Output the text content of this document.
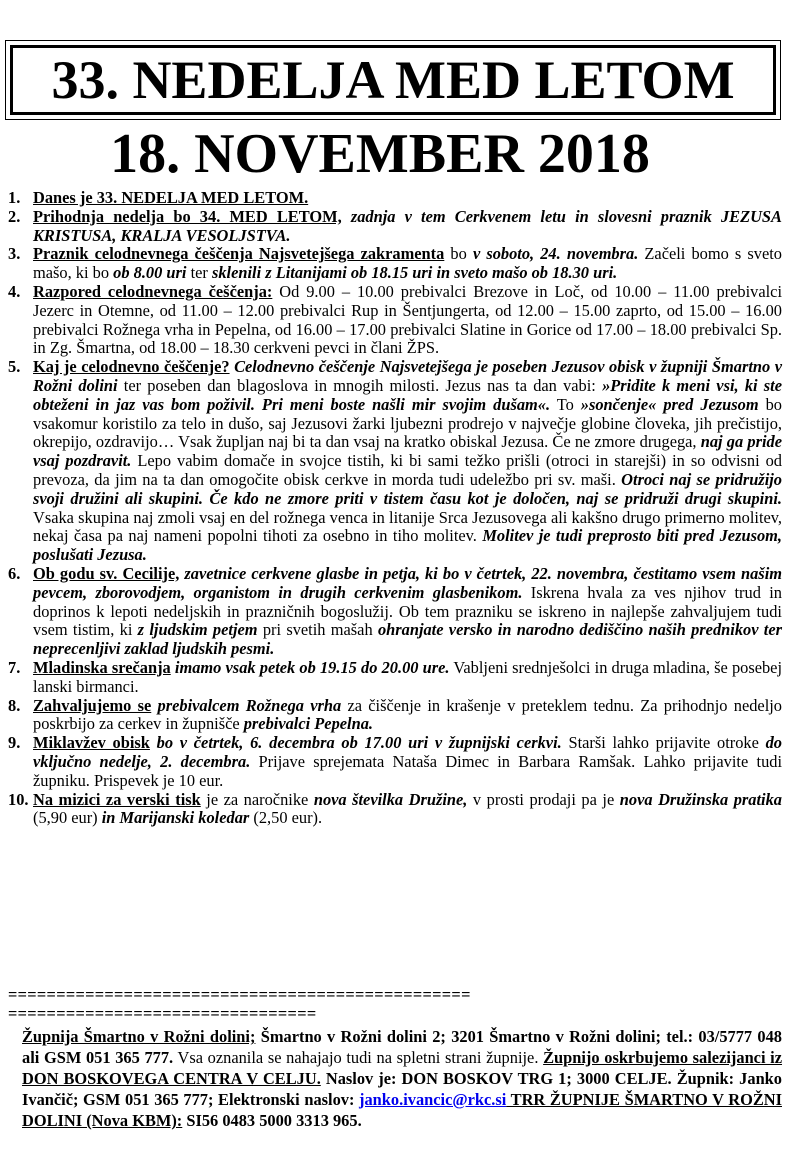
33. NEDELJA MED LETOM
18. NOVEMBER 2018
1. Danes je 33. NEDELJA MED LETOM.
2. Prihodnja nedelja bo 34. MED LETOM, zadnja v tem Cerkvenem letu in slovesni praznik JEZUSA KRISTUSA, KRALJA VESOLJSTVA.
3. Praznik celodnevnega češčenja Najsvetejšega zakramenta bo v soboto, 24. novembra. Začeli bomo s sveto mašo, ki bo ob 8.00 uri ter sklenili z Litanijami ob 18.15 uri in sveto mašo ob 18.30 uri.
4. Razpored celodnevnega češčenja: Od 9.00 – 10.00 prebivalci Brezove in Loč, od 10.00 – 11.00 prebivalci Jezerc in Otemne, od 11.00 – 12.00 prebivalci Rup in Šentjungerta, od 12.00 – 15.00 zaprto, od 15.00 – 16.00 prebivalci Rožnega vrha in Pepelna, od 16.00 – 17.00 prebivalci Slatine in Gorice od 17.00 – 18.00 prebivalci Sp. in Zg. Šmartna, od 18.00 – 18.30 cerkveni pevci in člani ŽPS.
5. Kaj je celodnevno češčenje? Celodnevno češčenje Najsvetejšega je poseben Jezusov obisk v župniji Šmartno v Rožni dolini ter poseben dan blagoslova in mnogih milosti. Jezus nas ta dan vabi: »Pridite k meni vsi, ki ste obteženi in jaz vas bom poživil. Pri meni boste našli mir svojim dušam«. To »sončenje« pred Jezusom bo vsakomur koristilo za telo in dušo, saj Jezusovi žarki ljubezni prodrejo v največje globine človeka, jih prečistijo, okrepijo, ozdravijo… Vsak župljan naj bi ta dan vsaj na kratko obiskal Jezusa. Če ne zmore drugega, naj ga pride vsaj pozdravit. Lepo vabim domače in svojce tistih, ki bi sami težko prišli (otroci in starejši) in so odvisni od prevoza, da jim na ta dan omogočite obisk cerkve in morda tudi udeležbo pri sv. maši. Otroci naj se pridružijo svoji družini ali skupini. Če kdo ne zmore priti v tistem času kot je določen, naj se pridruži drugi skupini. Vsaka skupina naj zmoli vsaj en del rožnega venca in litanije Srca Jezusovega ali kakšno drugo primerno molitev, nekaj časa pa naj nameni popolni tihoti za osebno in tiho molitev. Molitev je tudi preprosto biti pred Jezusom, poslušati Jezusa.
6. Ob godu sv. Cecilije, zavetnice cerkvene glasbe in petja, ki bo v četrtek, 22. novembra, čestitamo vsem našim pevcem, zborovodjem, organistom in drugih cerkvenim glasbenikom. Iskrena hvala za ves njihov trud in doprinos k lepoti nedeljskih in prazničnih bogoslužij. Ob tem prazniku se iskreno in najlepše zahvaljujem tudi vsem tistim, ki z ljudskim petjem pri svetih mašah ohranjate versko in narodno dediščino naših prednikov ter neprecenljivi zaklad ljudskih pesmi.
7. Mladinska srečanja imamo vsak petek ob 19.15 do 20.00 ure. Vabljeni srednješolci in druga mladina, še posebej lanski birmanci.
8. Zahvaljujemo se prebivalcem Rožnega vrha za čiščenje in krašenje v preteklem tednu. Za prihodnjo nedeljo poskrbijo za cerkev in župnišče prebivalci Pepelna.
9. Miklavžev obisk bo v četrtek, 6. decembra ob 17.00 uri v župnijski cerkvi. Starši lahko prijavite otroke do vključno nedelje, 2. decembra. Prijave sprejemata Nataša Dimec in Barbara Ramšak. Lahko prijavite tudi župniku. Prispevek je 10 eur.
10. Na mizici za verski tisk je za naročnike nova številka Družine, v prosti prodaji pa je nova Družinska pratika (5,90 eur) in Marijanski koledar (2,50 eur).
================================================
================================
Župnija Šmartno v Rožni dolini; Šmartno v Rožni dolini 2; 3201 Šmartno v Rožni dolini; tel.: 03/5777 048 ali GSM 051 365 777. Vsa oznanila se nahajajo tudi na spletni strani župnije. Župnijo oskrbujemo salezijanci iz DON BOSKOVEGA CENTRA V CELJU. Naslov je: DON BOSKOV TRG 1; 3000 CELJE. Župnik: Janko Ivančič; GSM 051 365 777; Elektronski naslov: janko.ivancic@rkc.si TRR ŽUPNIJE ŠMARTNO V ROŽNI DOLINI (Nova KBM): SI56 0483 5000 3313 965.
